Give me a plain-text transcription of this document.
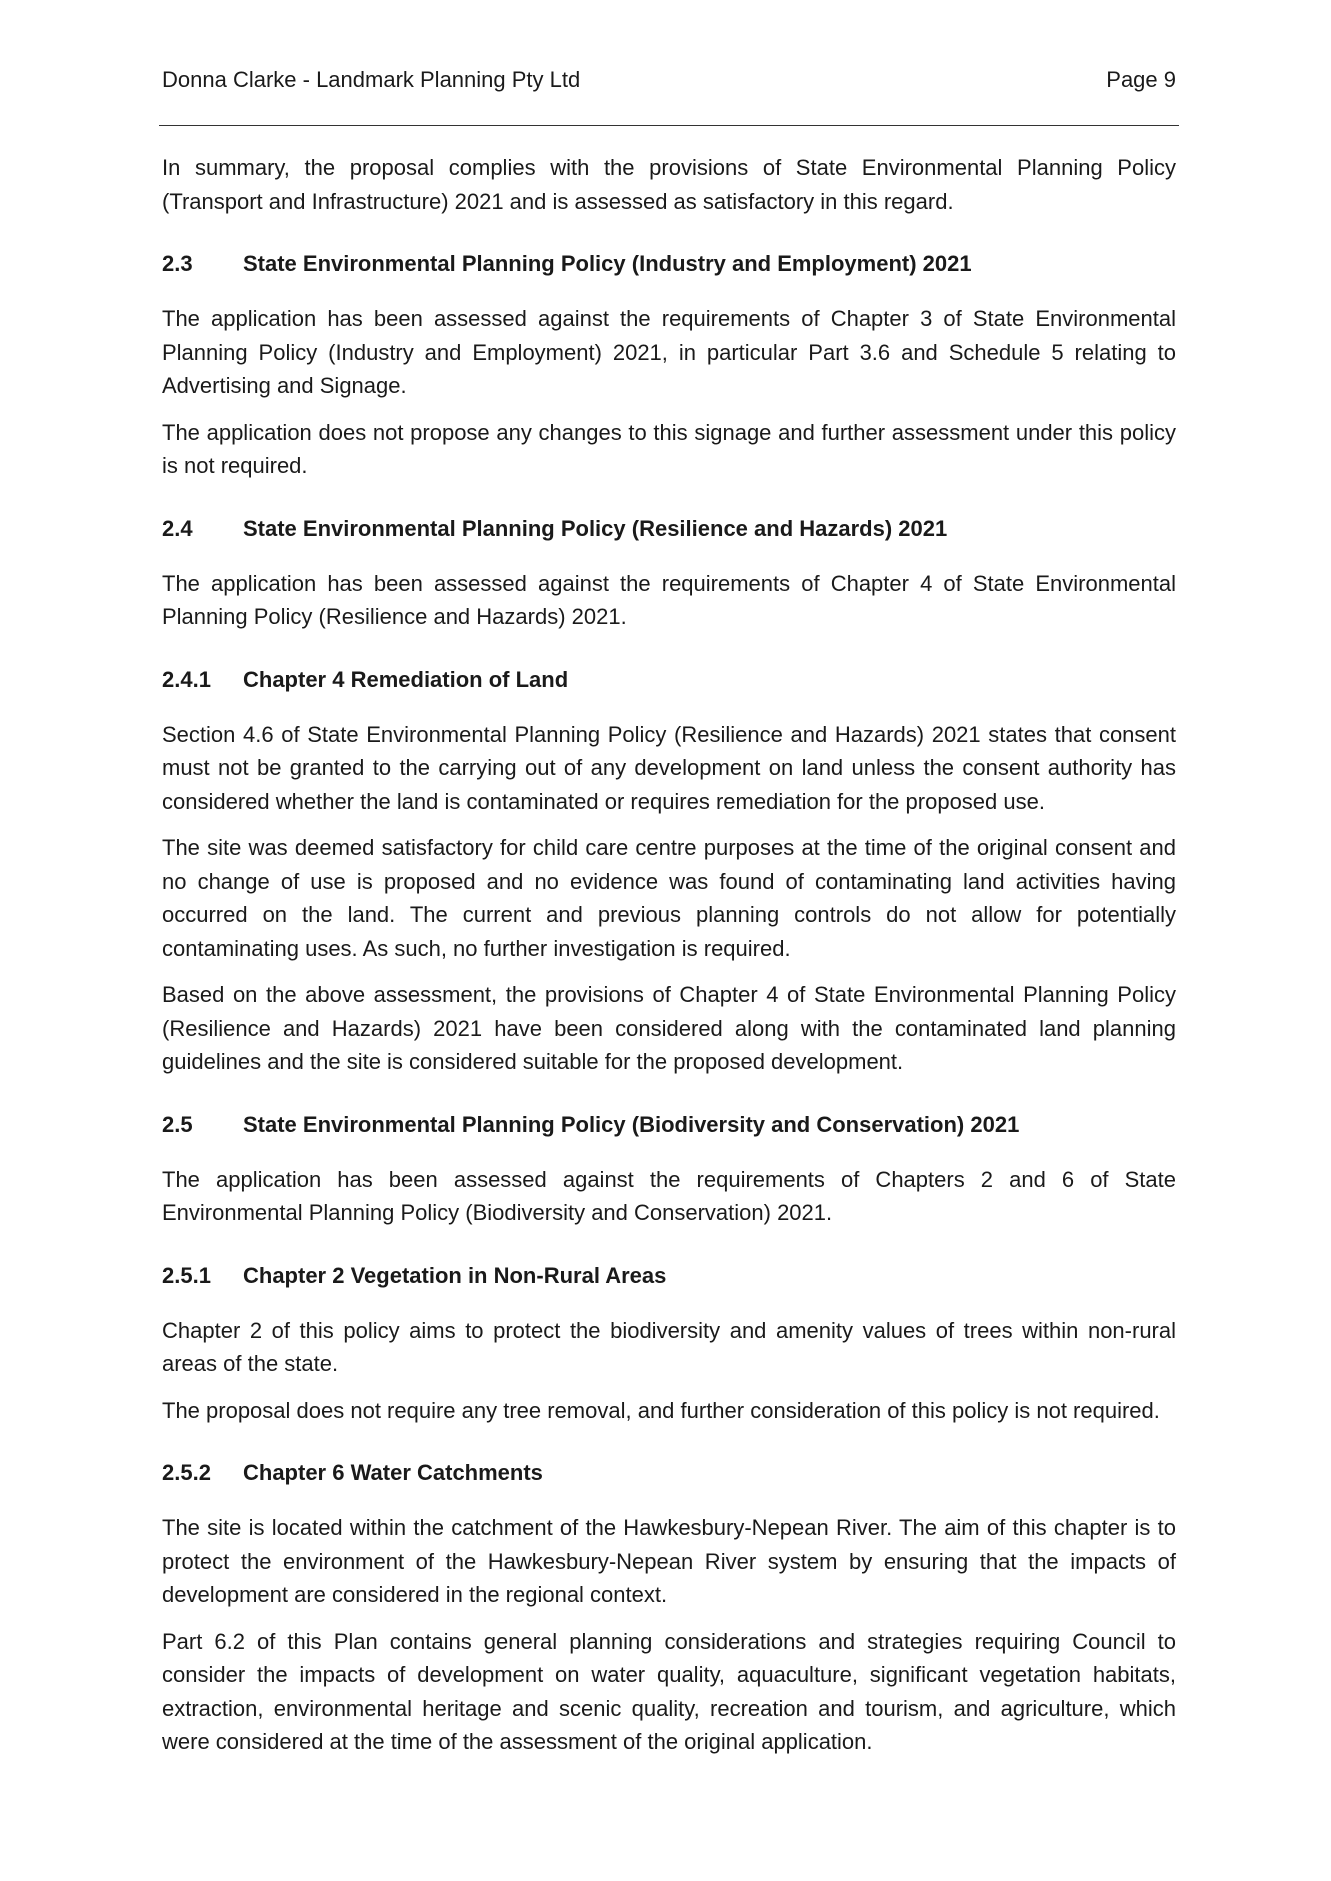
Donna Clarke - Landmark Planning Pty Ltd	Page 9

In summary, the proposal complies with the provisions of State Environmental Planning Policy (Transport and Infrastructure) 2021 and is assessed as satisfactory in this regard.

2.3	State Environmental Planning Policy (Industry and Employment) 2021

The application has been assessed against the requirements of Chapter 3 of State Environmental Planning Policy (Industry and Employment) 2021, in particular Part 3.6 and Schedule 5 relating to Advertising and Signage.

The application does not propose any changes to this signage and further assessment under this policy is not required.

2.4	State Environmental Planning Policy (Resilience and Hazards) 2021

The application has been assessed against the requirements of Chapter 4 of State Environmental Planning Policy (Resilience and Hazards) 2021.

2.4.1	Chapter 4 Remediation of Land

Section 4.6 of State Environmental Planning Policy (Resilience and Hazards) 2021 states that consent must not be granted to the carrying out of any development on land unless the consent authority has considered whether the land is contaminated or requires remediation for the proposed use.

The site was deemed satisfactory for child care centre purposes at the time of the original consent and no change of use is proposed and no evidence was found of contaminating land activities having occurred on the land. The current and previous planning controls do not allow for potentially contaminating uses. As such, no further investigation is required.

Based on the above assessment, the provisions of Chapter 4 of State Environmental Planning Policy (Resilience and Hazards) 2021 have been considered along with the contaminated land planning guidelines and the site is considered suitable for the proposed development.

2.5	State Environmental Planning Policy (Biodiversity and Conservation) 2021

The application has been assessed against the requirements of Chapters 2 and 6 of State Environmental Planning Policy (Biodiversity and Conservation) 2021.

2.5.1	Chapter 2 Vegetation in Non-Rural Areas

Chapter 2 of this policy aims to protect the biodiversity and amenity values of trees within non-rural areas of the state.

The proposal does not require any tree removal, and further consideration of this policy is not required.

2.5.2	Chapter 6 Water Catchments

The site is located within the catchment of the Hawkesbury-Nepean River. The aim of this chapter is to protect the environment of the Hawkesbury-Nepean River system by ensuring that the impacts of development are considered in the regional context.

Part 6.2 of this Plan contains general planning considerations and strategies requiring Council to consider the impacts of development on water quality, aquaculture, significant vegetation habitats, extraction, environmental heritage and scenic quality, recreation and tourism, and agriculture, which were considered at the time of the assessment of the original application.
